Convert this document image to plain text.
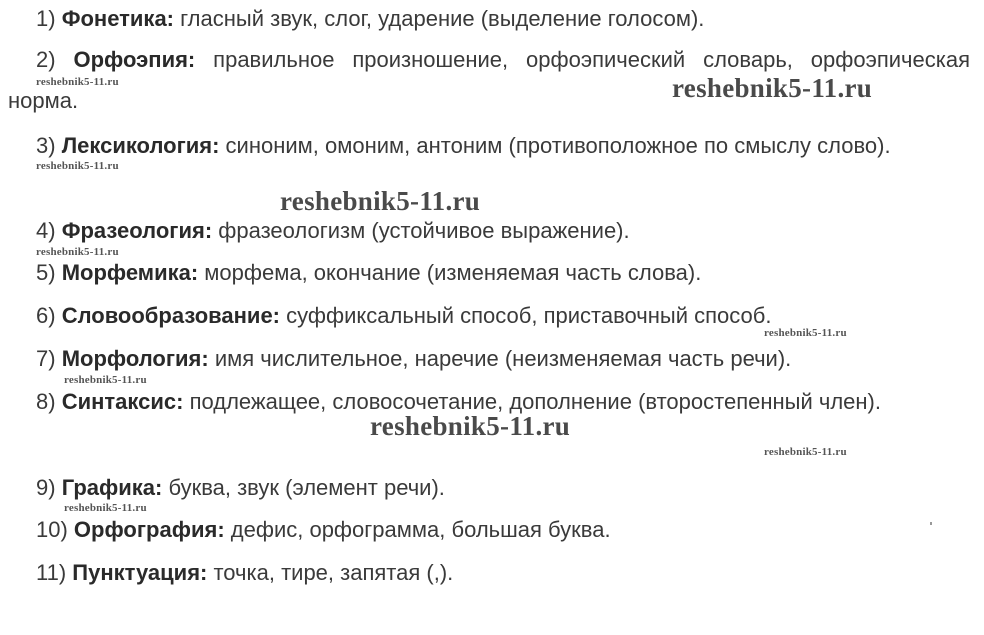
1) Фонетика: гласный звук, слог, ударение (выделение голосом).

2) Орфоэпия: правильное произношение, орфоэпический словарь, орфоэпическая норма.

3) Лексикология: синоним, омоним, антоним (противоположное по смыслу слово).

4) Фразеология: фразеологизм (устойчивое выражение).

5) Морфемика: морфема, окончание (изменяемая часть слова).

6) Словообразование: суффиксальный способ, приставочный способ.

7) Морфология: имя числительное, наречие (неизменяемая часть речи).

8) Синтаксис: подлежащее, словосочетание, дополнение (второстепенный член).

9) Графика: буква, звук (элемент речи).

10) Орфография: дефис, орфограмма, большая буква.

11) Пунктуация: точка, тире, запятая (,).

reshebnik5-11.ru	reshebnik5-11.ru
reshebnik5-11.ru
reshebnik5-11.ru
reshebnik5-11.ru
reshebnik5-11.ru
reshebnik5-11.ru
reshebnik5-11.ru
reshebnik5-11.ru
reshebnik5-11.ru
